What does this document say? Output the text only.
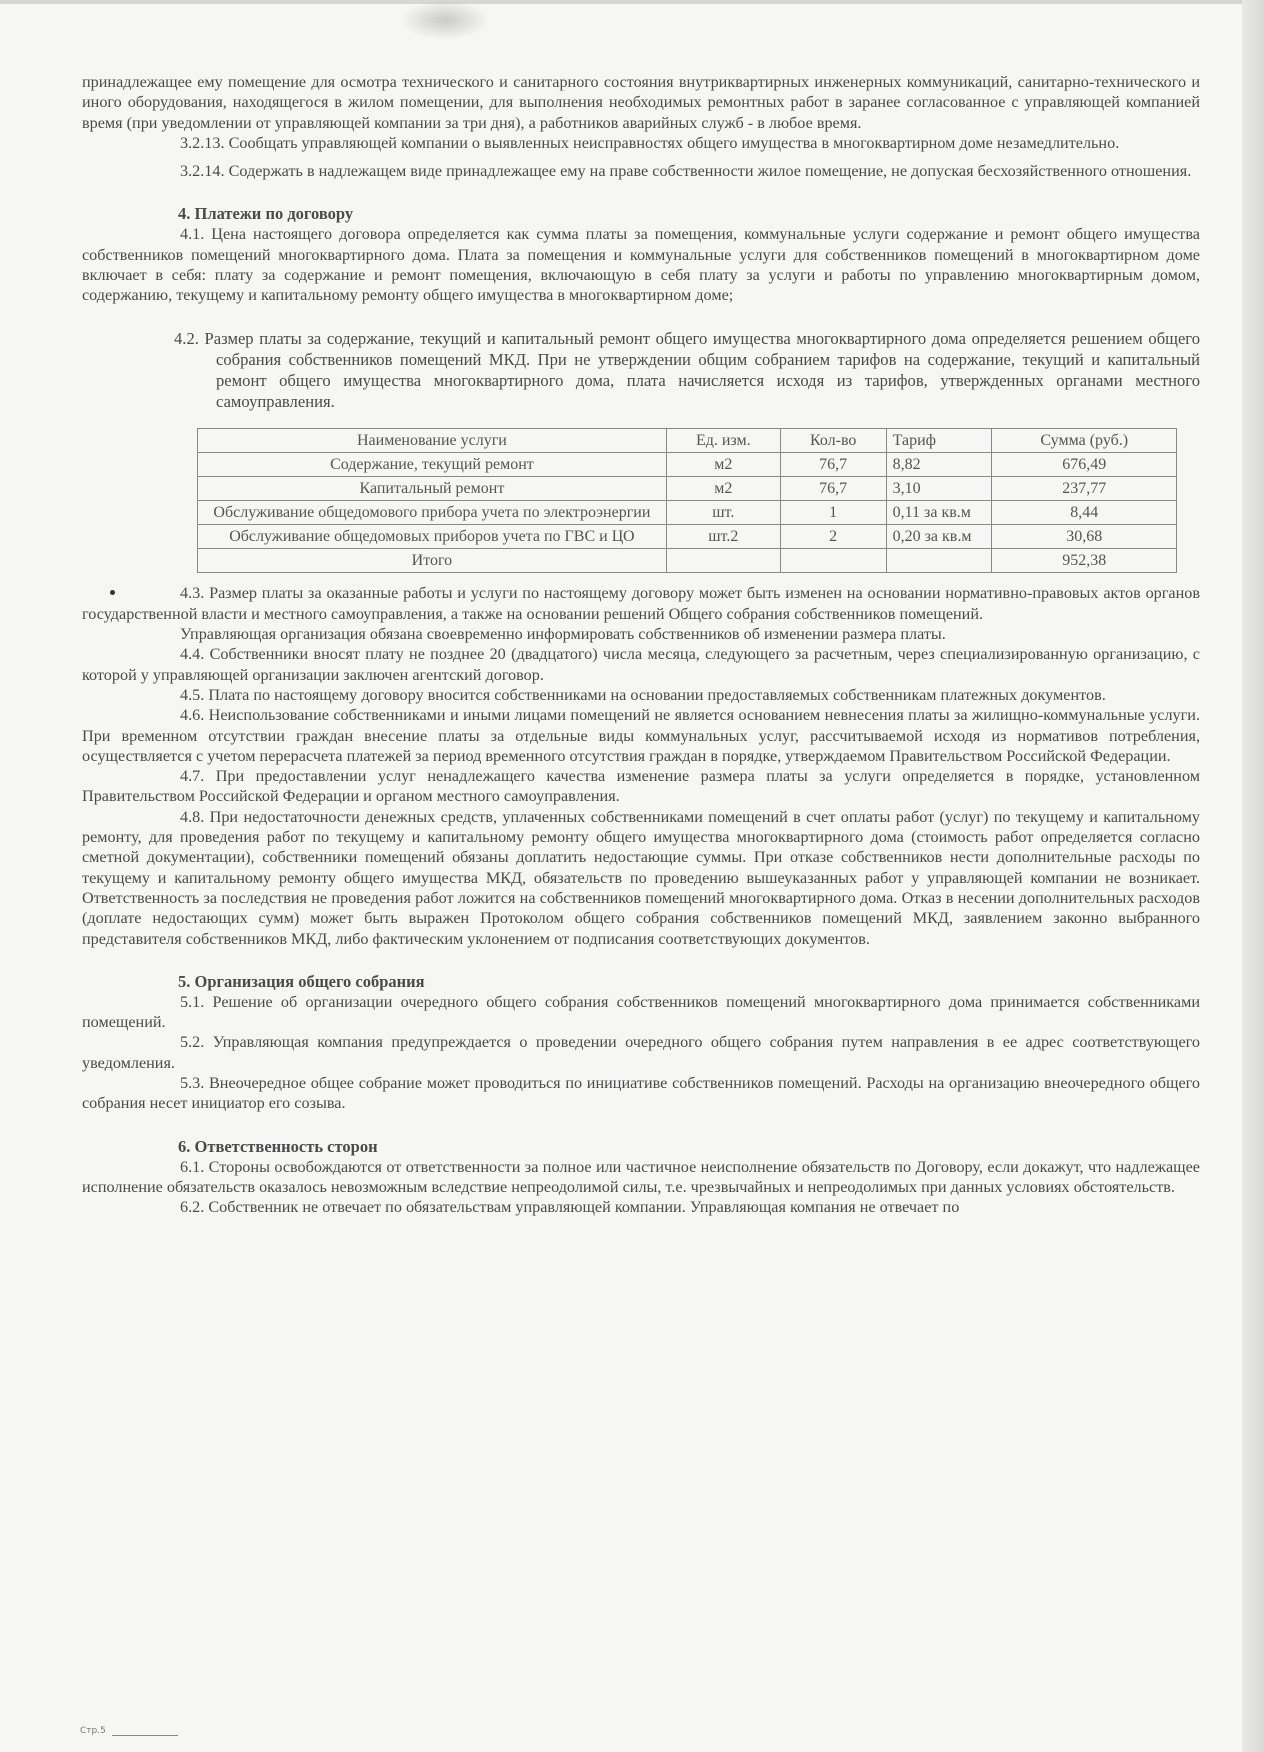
принадлежащее ему помещение для осмотра технического и санитарного состояния внутриквартирных инженерных коммуникаций, санитарно-технического и иного оборудования, находящегося в жилом помещении, для выполнения необходимых ремонтных работ в заранее согласованное с управляющей компанией время (при уведомлении от управляющей компании за три дня), а работников аварийных служб - в любое время.

3.2.13. Сообщать управляющей компании о выявленных неисправностях общего имущества в многоквартирном доме незамедлительно.

3.2.14. Содержать в надлежащем виде принадлежащее ему на праве собственности жилое помещение, не допуская бесхозяйственного отношения.

4. Платежи по договору

4.1. Цена настоящего договора определяется как сумма платы за помещения, коммунальные услуги содержание и ремонт общего имущества собственников помещений многоквартирного дома. Плата за помещения и коммунальные услуги для собственников помещений в многоквартирном доме включает в себя: плату за содержание и ремонт помещения, включающую в себя плату за услуги и работы по управлению многоквартирным домом, содержанию, текущему и капитальному ремонту общего имущества в многоквартирном доме;

4.2. Размер платы за содержание, текущий и капитальный ремонт общего имущества многоквартирного дома определяется решением общего собрания собственников помещений МКД. При не утверждении общим собранием тарифов на содержание, текущий и капитальный ремонт общего имущества многоквартирного дома, плата начисляется исходя из тарифов, утвержденных органами местного самоуправления.

Наименование услуги	Ед. изм.	Кол-во	Тариф	Сумма (руб.)
Содержание, текущий ремонт	м2	76,7	8,82	676,49
Капитальный ремонт	м2	76,7	3,10	237,77
Обслуживание общедомового прибора учета по электроэнергии	шт.	1	0,11 за кв.м	8,44
Обслуживание общедомовых приборов учета по ГВС и ЦО	шт.2	2	0,20 за кв.м	30,68
Итого				952,38

4.3. Размер платы за оказанные работы и услуги по настоящему договору может быть изменен на основании нормативно-правовых актов органов государственной власти и местного самоуправления, а также на основании решений Общего собрания собственников помещений.

Управляющая организация обязана своевременно информировать собственников об изменении размера платы.

4.4. Собственники вносят плату не позднее 20 (двадцатого) числа месяца, следующего за расчетным, через специализированную организацию, с которой у управляющей организации заключен агентский договор.

4.5. Плата по настоящему договору вносится собственниками на основании предоставляемых собственникам платежных документов.

4.6. Неиспользование собственниками и иными лицами помещений не является основанием невнесения платы за жилищно-коммунальные услуги. При временном отсутствии граждан внесение платы за отдельные виды коммунальных услуг, рассчитываемой исходя из нормативов потребления, осуществляется с учетом перерасчета платежей за период временного отсутствия граждан в порядке, утверждаемом Правительством Российской Федерации.

4.7. При предоставлении услуг ненадлежащего качества изменение размера платы за услуги определяется в порядке, установленном Правительством Российской Федерации и органом местного самоуправления.

4.8. При недостаточности денежных средств, уплаченных собственниками помещений в счет оплаты работ (услуг) по текущему и капитальному ремонту, для проведения работ по текущему и капитальному ремонту общего имущества многоквартирного дома (стоимость работ определяется согласно сметной документации), собственники помещений обязаны доплатить недостающие суммы. При отказе собственников нести дополнительные расходы по текущему и капитальному ремонту общего имущества МКД, обязательств по проведению вышеуказанных работ у управляющей компании не возникает. Ответственность за последствия не проведения работ ложится на собственников помещений многоквартирного дома. Отказ в несении дополнительных расходов (доплате недостающих сумм) может быть выражен Протоколом общего собрания собственников помещений МКД, заявлением законно выбранного представителя собственников МКД, либо фактическим уклонением от подписания соответствующих документов.

5. Организация общего собрания

5.1. Решение об организации очередного общего собрания собственников помещений многоквартирного дома принимается собственниками помещений.

5.2. Управляющая компания предупреждается о проведении очередного общего собрания путем направления в ее адрес соответствующего уведомления.

5.3. Внеочередное общее собрание может проводиться по инициативе собственников помещений. Расходы на организацию внеочередного общего собрания несет инициатор его созыва.

6. Ответственность сторон

6.1. Стороны освобождаются от ответственности за полное или частичное неисполнение обязательств по Договору, если докажут, что надлежащее исполнение обязательств оказалось невозможным вследствие непреодолимой силы, т.е. чрезвычайных и непреодолимых при данных условиях обстоятельств.

6.2. Собственник не отвечает по обязательствам управляющей компании. Управляющая компания не отвечает по

Стр.5
